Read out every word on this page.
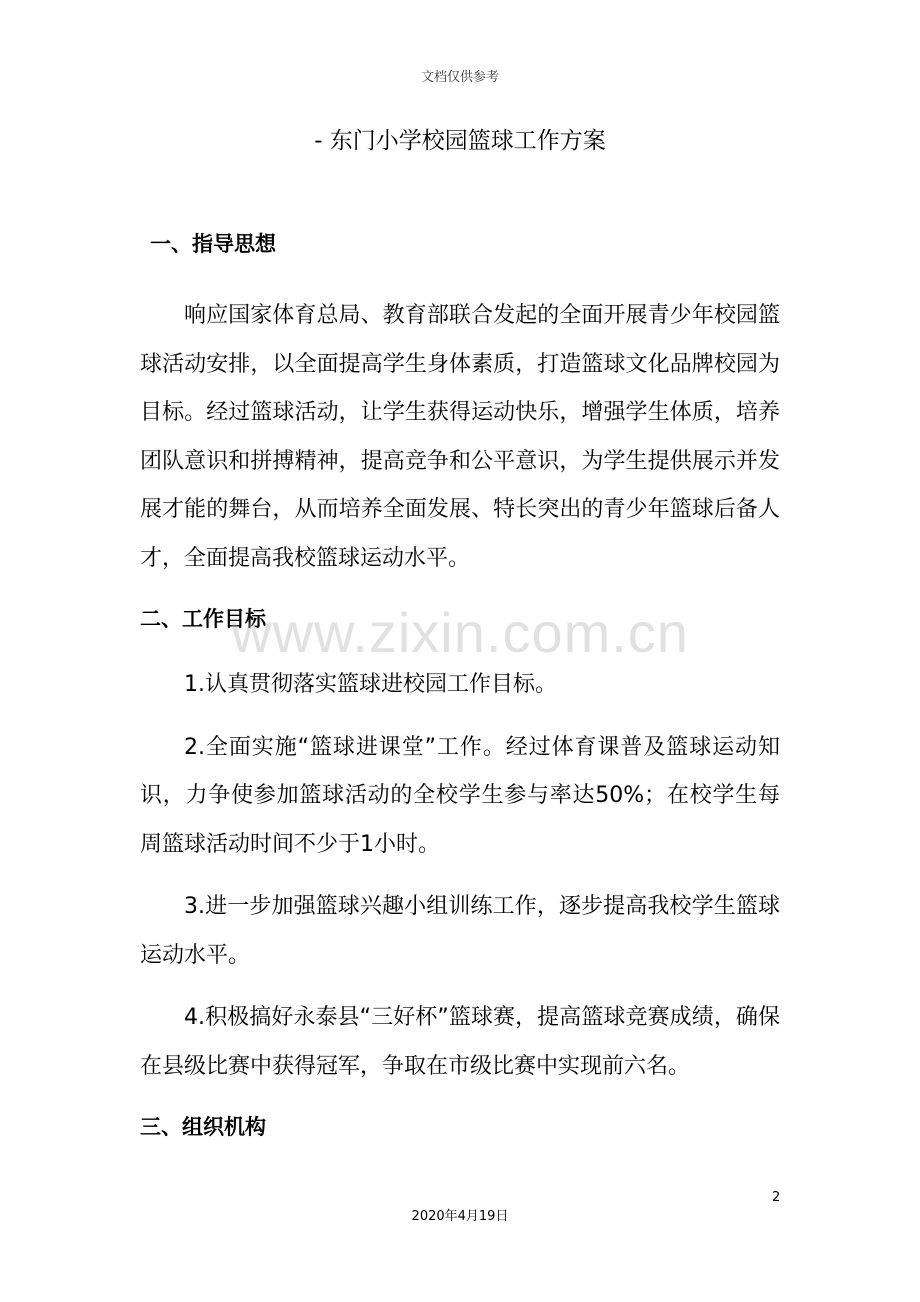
文档仅供参考
- 东门小学校园篮球工作方案

一、指导思想

响应国家体育总局、教育部联合发起的全面开展青少年校园篮球活动安排，以全面提高学生身体素质，打造篮球文化品牌校园为目标。经过篮球活动，让学生获得运动快乐，增强学生体质，培养团队意识和拼搏精神，提高竞争和公平意识，为学生提供展示并发展才能的舞台，从而培养全面发展、特长突出的青少年篮球后备人才，全面提高我校篮球运动水平。

二、工作目标

1.认真贯彻落实篮球进校园工作目标。

2.全面实施“篮球进课堂”工作。经过体育课普及篮球运动知识，力争使参加篮球活动的全校学生参与率达50%；在校学生每周篮球活动时间不少于1小时。

3.进一步加强篮球兴趣小组训练工作，逐步提高我校学生篮球运动水平。

4.积极搞好永泰县“三好杯”篮球赛，提高篮球竞赛成绩，确保在县级比赛中获得冠军，争取在市级比赛中实现前六名。

三、组织机构

www.zixin.com.cn
2
2020年4月19日
